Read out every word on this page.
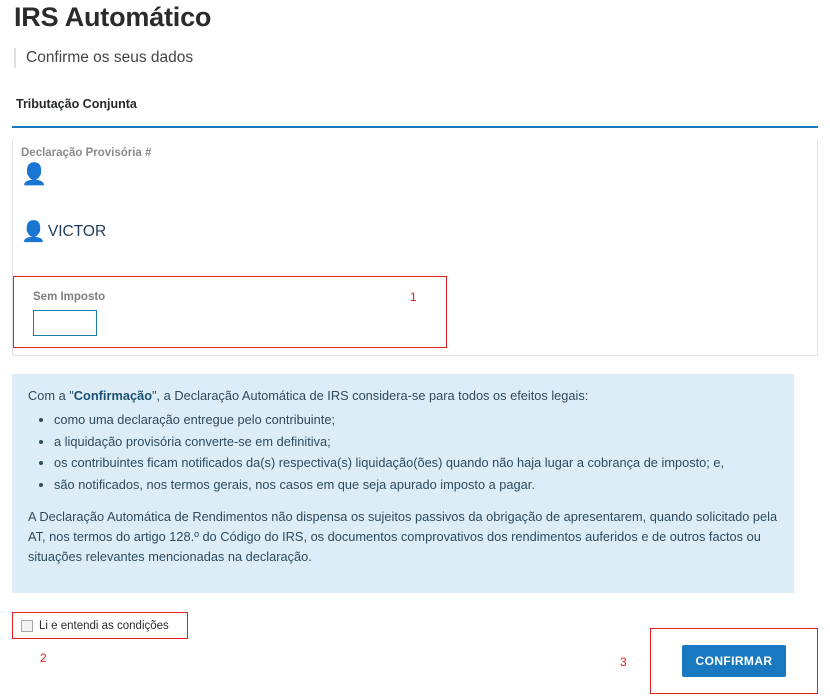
IRS Automático
Confirme os seus dados
Tributação Conjunta
Declaração Provisória #
👤
👤 VICTOR
Sem Imposto	1

Com a "Confirmação", a Declaração Automática de IRS considera-se para todos os efeitos legais:

• como uma declaração entregue pelo contribuinte;
• a liquidação provisória converte-se em definitiva;
• os contribuintes ficam notificados da(s) respectiva(s) liquidação(ões) quando não haja lugar a cobrança de imposto; e,
• são notificados, nos termos gerais, nos casos em que seja apurado imposto a pagar.

A Declaração Automática de Rendimentos não dispensa os sujeitos passivos da obrigação de apresentarem, quando solicitado pela AT, nos termos do artigo 128.º do Código do IRS, os documentos comprovativos dos rendimentos auferidos e de outros factos ou situações relevantes mencionadas na declaração.

Li e entendi as condições
2	3	CONFIRMAR
